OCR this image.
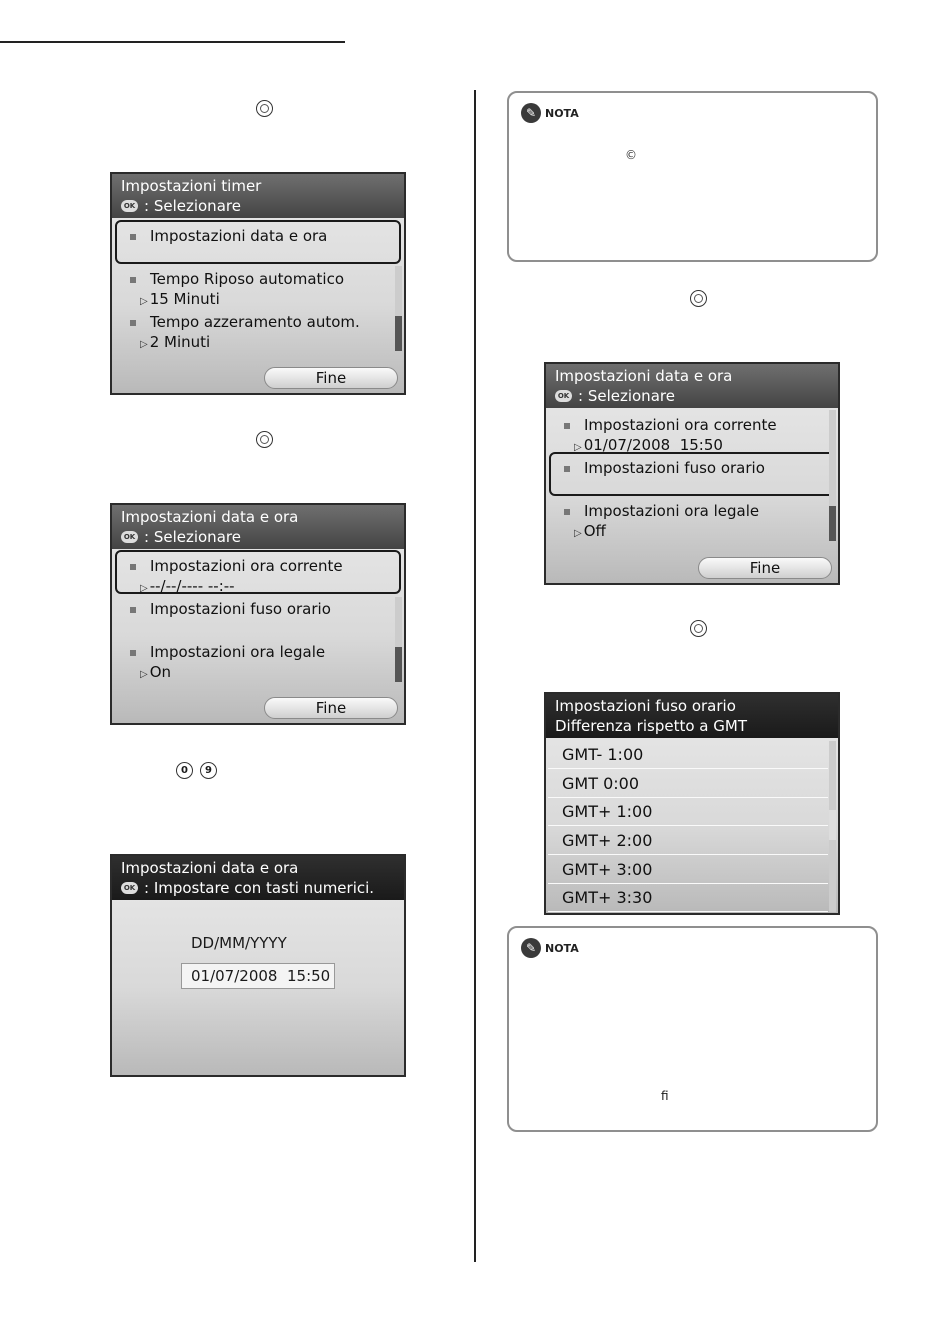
Impostazioni timer
OK : Selezionare
Impostazioni data e ora
Tempo Riposo automatico
▷ 15 Minuti
Tempo azzeramento autom.
▷ 2 Minuti
Fine
Impostazioni data e ora
OK : Selezionare
Impostazioni ora corrente
▷ --/--/---- --:--
Impostazioni fuso orario
Impostazioni ora legale
▷ On
Fine
0	9
Impostazioni data e ora
OK : Impostare con tasti numerici.
DD/MM/YYYY
01/07/2008  15:50
✎ NOTA
©
Impostazioni data e ora
OK : Selezionare
Impostazioni ora corrente
▷ 01/07/2008  15:50
Impostazioni fuso orario
Impostazioni ora legale
▷ Off
Fine
Impostazioni fuso orario
Differenza rispetto a GMT
GMT- 1:00
GMT 0:00
GMT+ 1:00
GMT+ 2:00
GMT+ 3:00
GMT+ 3:30
✎ NOTA
ﬁ
